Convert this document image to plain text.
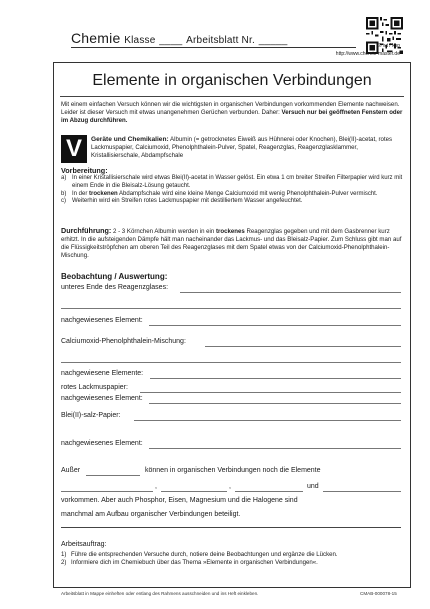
Chemie Klasse ____ Arbeitsblatt Nr. _____	© wt / ksp
http://www.chemie-master.de
Elemente in organischen Verbindungen
Mit einem einfachen Versuch können wir die wichtigsten in organischen Verbindungen vorkommenden Elemente nachweisen. Leider ist dieser Versuch mit etwas unangenehmen Gerüchen verbunden. Daher: Versuch nur bei geöffneten Fenstern oder im Abzug durchführen.
V	Geräte und Chemikalien: Albumin (= getrocknetes Eiweiß aus Hühnerei oder Knochen), Blei(II)-acetat, rotes Lackmuspapier, Calciumoxid, Phenolphthalein-Pulver, Spatel, Reagenzglas, Reagenzglasklammer, Kristallisierschale, Abdampfschale
Vorbereitung:
a) In einer Kristallisierschale wird etwas Blei(II)-acetat in Wasser gelöst. Ein etwa 1 cm breiter Streifen Filterpapier wird kurz mit einem Ende in die Bleisalz-Lösung getaucht.
b) In der trockenen Abdampfschale wird eine kleine Menge Calciumoxid mit wenig Phenolphthalein-Pulver vermischt.
c)	Weiterhin wird ein Streifen rotes Lackmuspapier mit destilliertem Wasser angefeuchtet.
Durchführung: 2 - 3 Körnchen Albumin werden in ein trockenes Reagenzglas gegeben und mit dem Gasbrenner kurz erhitzt. In die aufsteigenden Dämpfe hält man nacheinander das Lackmus- und das Bleisalz-Papier. Zum Schluss gibt man auf die Flüssigkeitströpfchen am oberen Teil des Reagenzglases mit dem Spatel etwas von der Calciumoxid-Phenolphthalein-Mischung.
Beobachtung / Auswertung:
unteres Ende des Reagenzglases:
nachgewiesenes Element:
Calciumoxid-Phenolphthalein-Mischung:
nachgewiesene Elemente:
rotes Lackmuspapier:
nachgewiesenes Element:
Blei(II)-salz-Papier:
nachgewiesenes Element:
Außer	können in organischen Verbindungen noch die Elemente
,	,	und
vorkommen. Aber auch Phosphor, Eisen, Magnesium und die Halogene sind
manchmal am Aufbau organischer Verbindungen beteiligt.
Arbeitsauftrag:
1) Führe die entsprechenden Versuche durch, notiere deine Beobachtungen und ergänze die Lücken.
2) Informiere dich im Chemiebuch über das Thema »Elemente in organischen Verbindungen«.
Arbeitsblatt in Mappe einheften oder entlang des Rahmens ausschneiden und ins Heft einkleben.	CMAB-000078-15
